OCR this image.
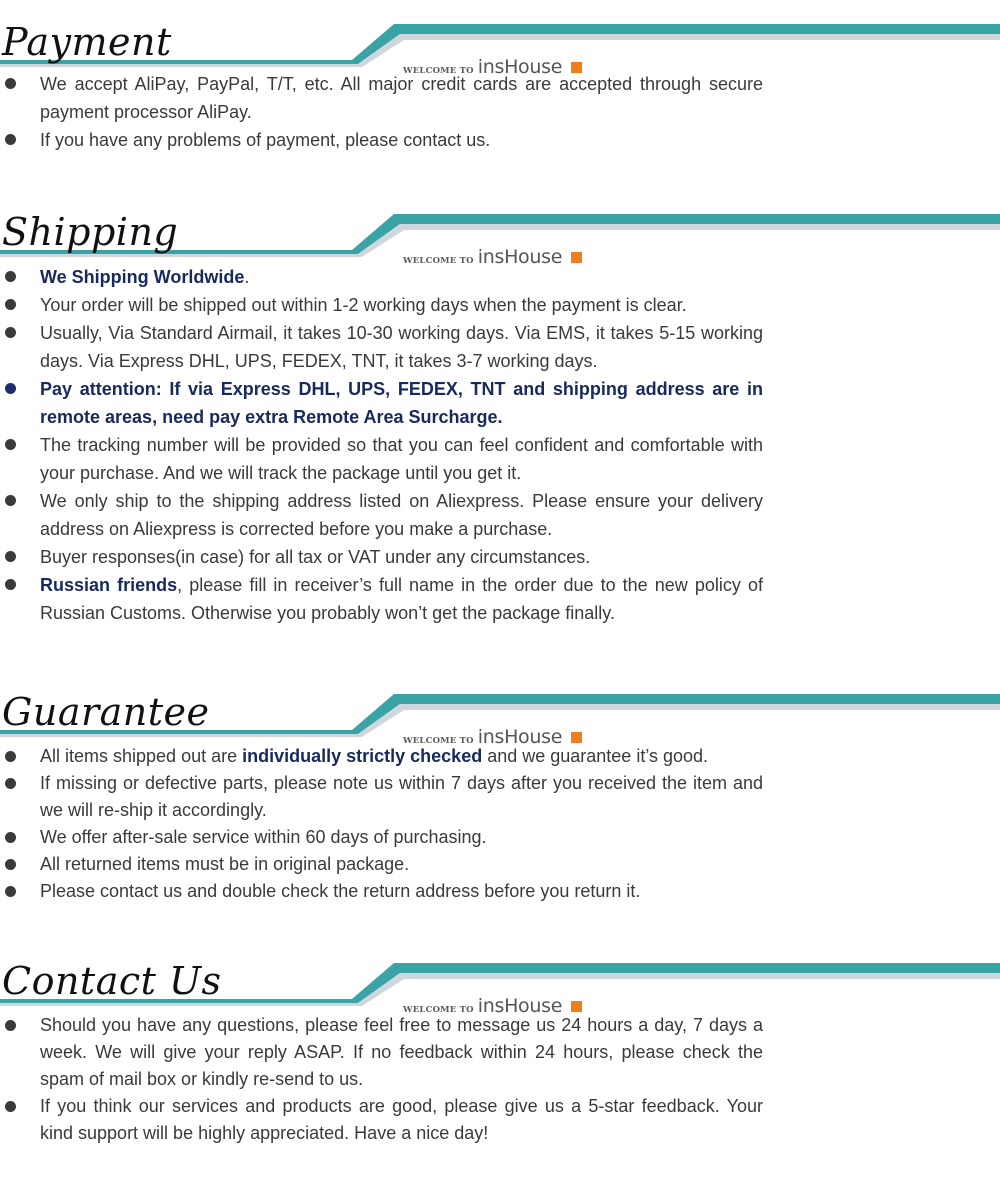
Payment
WELCOME TO insHouse
We accept AliPay, PayPal, T/T, etc. All major credit cards are accepted through secure payment processor AliPay.
If you have any problems of payment, please contact us.
Shipping
WELCOME TO insHouse
We Shipping Worldwide.
Your order will be shipped out within 1-2 working days when the payment is clear.
Usually, Via Standard Airmail, it takes 10-30 working days. Via EMS, it takes 5-15 working days. Via Express DHL, UPS, FEDEX, TNT, it takes 3-7 working days.
Pay attention: If via Express DHL, UPS, FEDEX, TNT and shipping address are in remote areas, need pay extra Remote Area Surcharge.
The tracking number will be provided so that you can feel confident and comfortable with your purchase. And we will track the package until you get it.
We only ship to the shipping address listed on Aliexpress. Please ensure your delivery address on Aliexpress is corrected before you make a purchase.
Buyer responses(in case) for all tax or VAT under any circumstances.
Russian friends, please fill in receiver’s full name in the order due to the new policy of Russian Customs. Otherwise you probably won’t get the package finally.
Guarantee
WELCOME TO insHouse
All items shipped out are individually strictly checked and we guarantee it’s good.
If missing or defective parts, please note us within 7 days after you received the item and we will re-ship it accordingly.
We offer after-sale service within 60 days of purchasing.
All returned items must be in original package.
Please contact us and double check the return address before you return it.
Contact Us
WELCOME TO insHouse
Should you have any questions, please feel free to message us 24 hours a day, 7 days a week. We will give your reply ASAP. If no feedback within 24 hours, please check the spam of mail box or kindly re-send to us.
If you think our services and products are good, please give us a 5-star feedback. Your kind support will be highly appreciated. Have a nice day!
